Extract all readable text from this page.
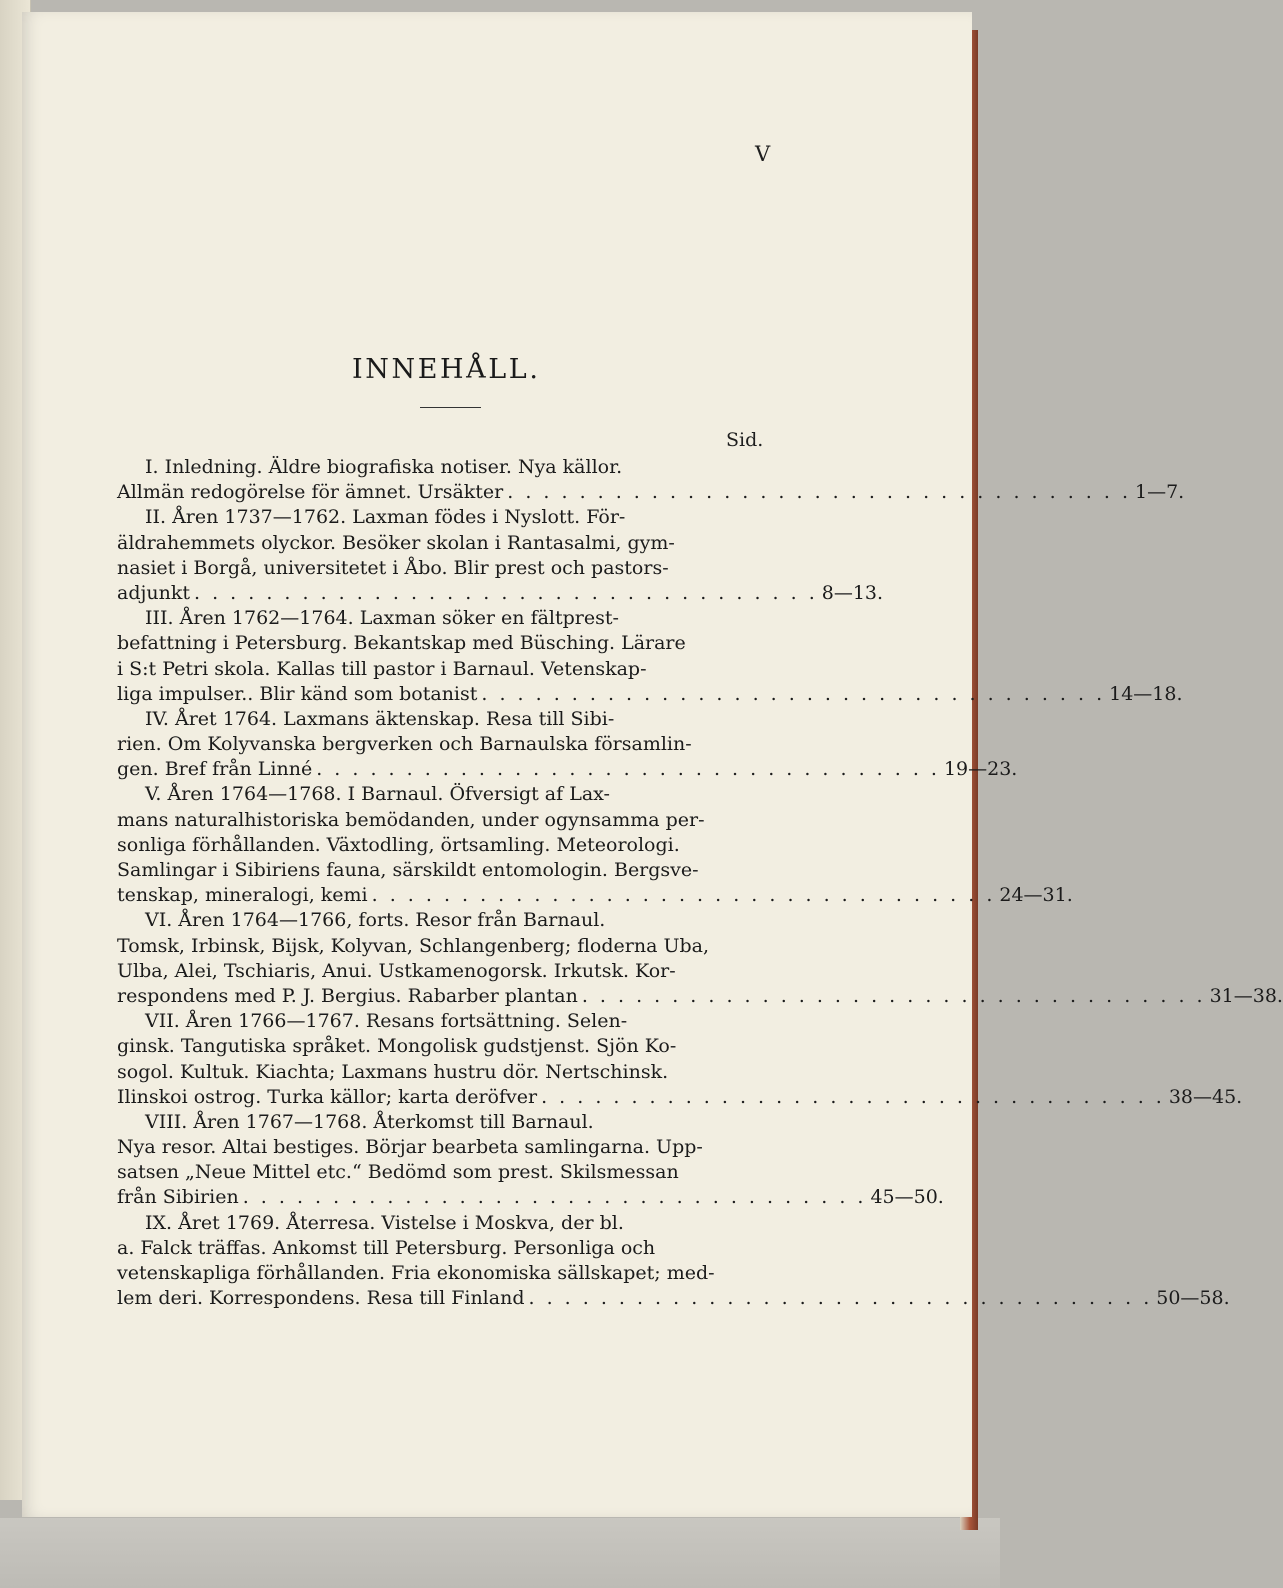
V
INNEHÅLL.
Sid.
I. Inledning. Äldre biografiska notiser. Nya källor.
Allmän redogörelse för ämnet. Ursäkter . . . . . . . . . . . . . . . . . . . . . . . . . . . . . . . . . . . 1—7.
II. Åren 1737—1762. Laxman födes i Nyslott. För-
äldrahemmets olyckor. Besöker skolan i Rantasalmi, gym-
nasiet i Borgå, universitetet i Åbo. Blir prest och pastors-
adjunkt . . . . . . . . . . . . . . . . . . . . . . . . . . . . . . . . . . . 8—13.
III. Åren 1762—1764. Laxman söker en fältprest-
befattning i Petersburg. Bekantskap med Büsching. Lärare
i S:t Petri skola. Kallas till pastor i Barnaul. Vetenskap-
liga impulser.. Blir känd som botanist . . . . . . . . . . . . . . . . . . . . . . . . . . . . . . . . . . . 14—18.
IV. Året 1764. Laxmans äktenskap. Resa till Sibi-
rien. Om Kolyvanska bergverken och Barnaulska församlin-
gen. Bref från Linné . . . . . . . . . . . . . . . . . . . . . . . . . . . . . . . . . . . 19—23.
V. Åren 1764—1768. I Barnaul. Öfversigt af Lax-
mans naturalhistoriska bemödanden, under ogynsamma per-
sonliga förhållanden. Växtodling, örtsamling. Meteorologi.
Samlingar i Sibiriens fauna, särskildt entomologin. Bergsve-
tenskap, mineralogi, kemi . . . . . . . . . . . . . . . . . . . . . . . . . . . . . . . . . . . 24—31.
VI. Åren 1764—1766, forts. Resor från Barnaul.
Tomsk, Irbinsk, Bijsk, Kolyvan, Schlangenberg; floderna Uba,
Ulba, Alei, Tschiaris, Anui. Ustkamenogorsk. Irkutsk. Kor-
respondens med P. J. Bergius. Rabarber plantan . . . . . . . . . . . . . . . . . . . . . . . . . . . . . . . . . . . 31—38.
VII. Åren 1766—1767. Resans fortsättning. Selen-
ginsk. Tangutiska språket. Mongolisk gudstjenst. Sjön Ko-
sogol. Kultuk. Kiachta; Laxmans hustru dör. Nertschinsk.
Ilinskoi ostrog. Turka källor; karta deröfver . . . . . . . . . . . . . . . . . . . . . . . . . . . . . . . . . . . 38—45.
VIII. Åren 1767—1768. Återkomst till Barnaul.
Nya resor. Altai bestiges. Börjar bearbeta samlingarna. Upp-
satsen „Neue Mittel etc.“ Bedömd som prest. Skilsmessan
från Sibirien . . . . . . . . . . . . . . . . . . . . . . . . . . . . . . . . . . . 45—50.
IX. Året 1769. Återresa. Vistelse i Moskva, der bl.
a. Falck träffas. Ankomst till Petersburg. Personliga och
vetenskapliga förhållanden. Fria ekonomiska sällskapet; med-
lem deri. Korrespondens. Resa till Finland . . . . . . . . . . . . . . . . . . . . . . . . . . . . . . . . . . . 50—58.
